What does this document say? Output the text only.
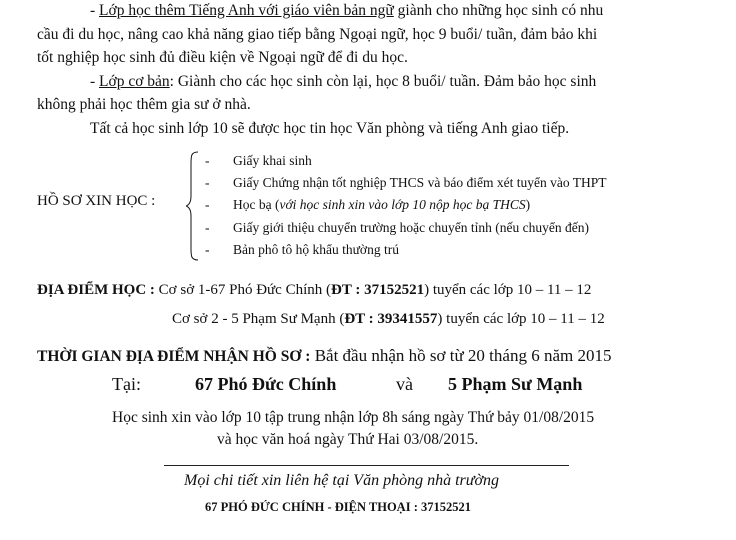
- Lớp học thêm Tiếng Anh với giáo viên bản ngữ giành cho những học sinh có nhu
cầu đi du học, nâng cao khả năng giao tiếp bằng Ngoại ngữ, học 9 buổi/ tuần, đảm bảo khi
tốt nghiệp học sinh đủ điều kiện về Ngoại ngữ để đi du học.
- Lớp cơ bản: Giành cho các học sinh còn lại, học 8 buổi/ tuần. Đảm bảo học sinh
không phải học thêm gia sư ở nhà.
Tất cả học sinh lớp 10 sẽ được học tin học Văn phòng và tiếng Anh giao tiếp.
HỒ SƠ XIN HỌC :
- Giấy khai sinh
- Giấy Chứng nhận tốt nghiệp THCS và báo điểm xét tuyển vào THPT
- Học bạ (với học sinh xin vào lớp 10 nộp học bạ THCS)
- Giấy giới thiệu chuyển trường hoặc chuyển tỉnh (nếu chuyển đến)
- Bản phô tô hộ khẩu thường trú
ĐỊA ĐIỂM HỌC : Cơ sở 1-67 Phó Đức Chính (ĐT : 37152521) tuyển các lớp 10 – 11 – 12
Cơ sở 2 - 5 Phạm Sư Mạnh (ĐT : 39341557) tuyển các lớp 10 – 11 – 12
THỜI GIAN ĐỊA ĐIỂM NHẬN HỒ SƠ : Bắt đầu nhận hồ sơ từ 20 tháng 6 năm 2015
Tại:	67 Phó Đức Chính	và 5 Phạm Sư Mạnh
Học sinh xin vào lớp 10 tập trung nhận lớp 8h sáng ngày Thứ bảy 01/08/2015
và học văn hoá ngày Thứ Hai 03/08/2015.
Mọi chi tiết xin liên hệ tại Văn phòng nhà trường
67 PHÓ ĐỨC CHÍNH - ĐIỆN THOẠI : 37152521
